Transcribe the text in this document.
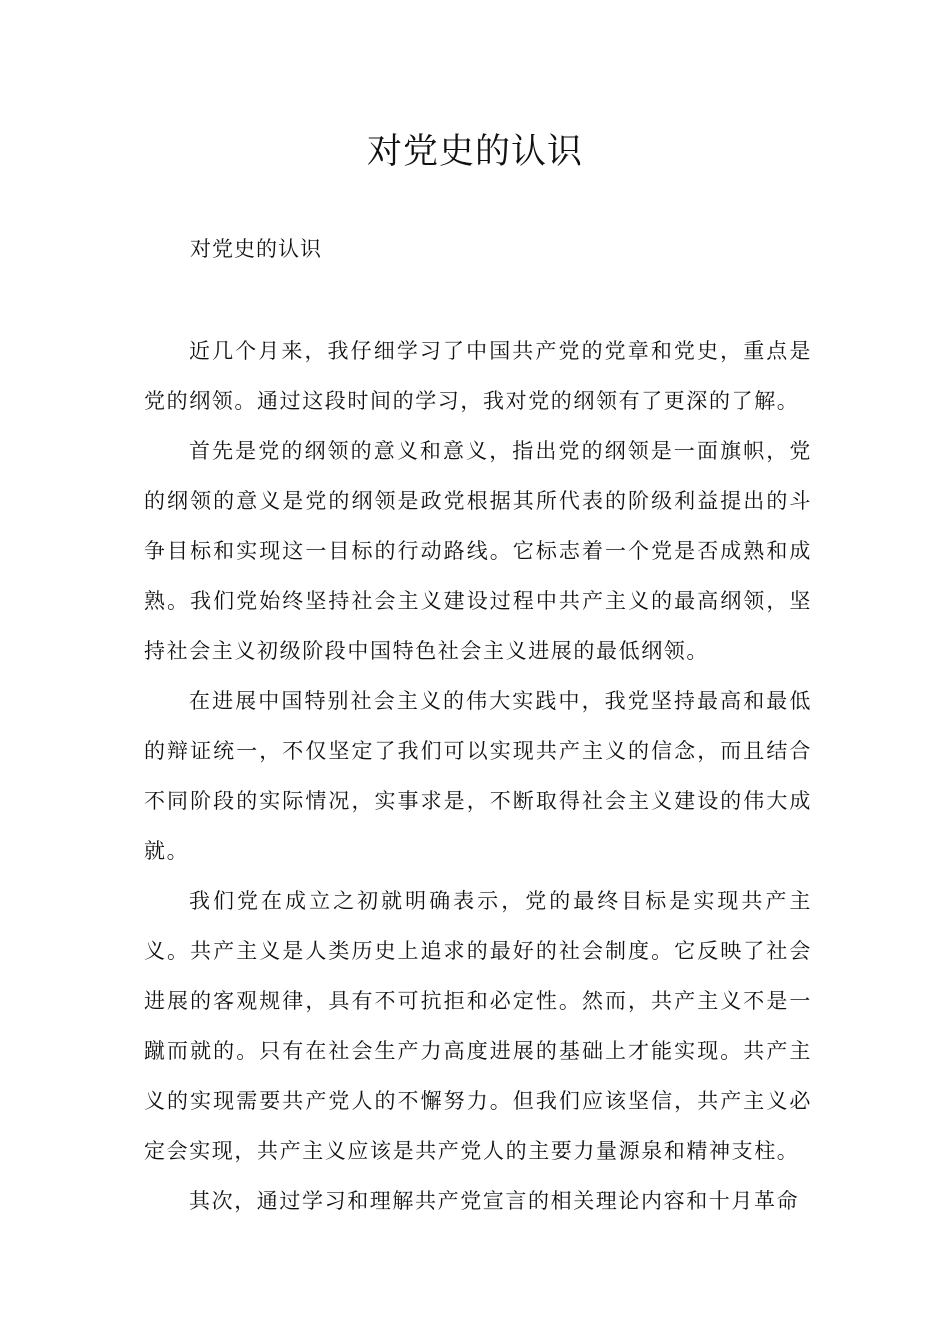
对党史的认识
对党史的认识

近几个月来，我仔细学习了中国共产党的党章和党史，重点是党的纲领。通过这段时间的学习，我对党的纲领有了更深的了解。

首先是党的纲领的意义和意义，指出党的纲领是一面旗帜，党的纲领的意义是党的纲领是政党根据其所代表的阶级利益提出的斗争目标和实现这一目标的行动路线。它标志着一个党是否成熟和成熟。我们党始终坚持社会主义建设过程中共产主义的最高纲领，坚持社会主义初级阶段中国特色社会主义进展的最低纲领。

在进展中国特别社会主义的伟大实践中，我党坚持最高和最低的辩证统一，不仅坚定了我们可以实现共产主义的信念，而且结合不同阶段的实际情况，实事求是，不断取得社会主义建设的伟大成就。

我们党在成立之初就明确表示，党的最终目标是实现共产主义。共产主义是人类历史上追求的最好的社会制度。它反映了社会进展的客观规律，具有不可抗拒和必定性。然而，共产主义不是一蹴而就的。只有在社会生产力高度进展的基础上才能实现。共产主义的实现需要共产党人的不懈努力。但我们应该坚信，共产主义必定会实现，共产主义应该是共产党人的主要力量源泉和精神支柱。

其次，通过学习和理解共产党宣言的相关理论内容和十月革命
